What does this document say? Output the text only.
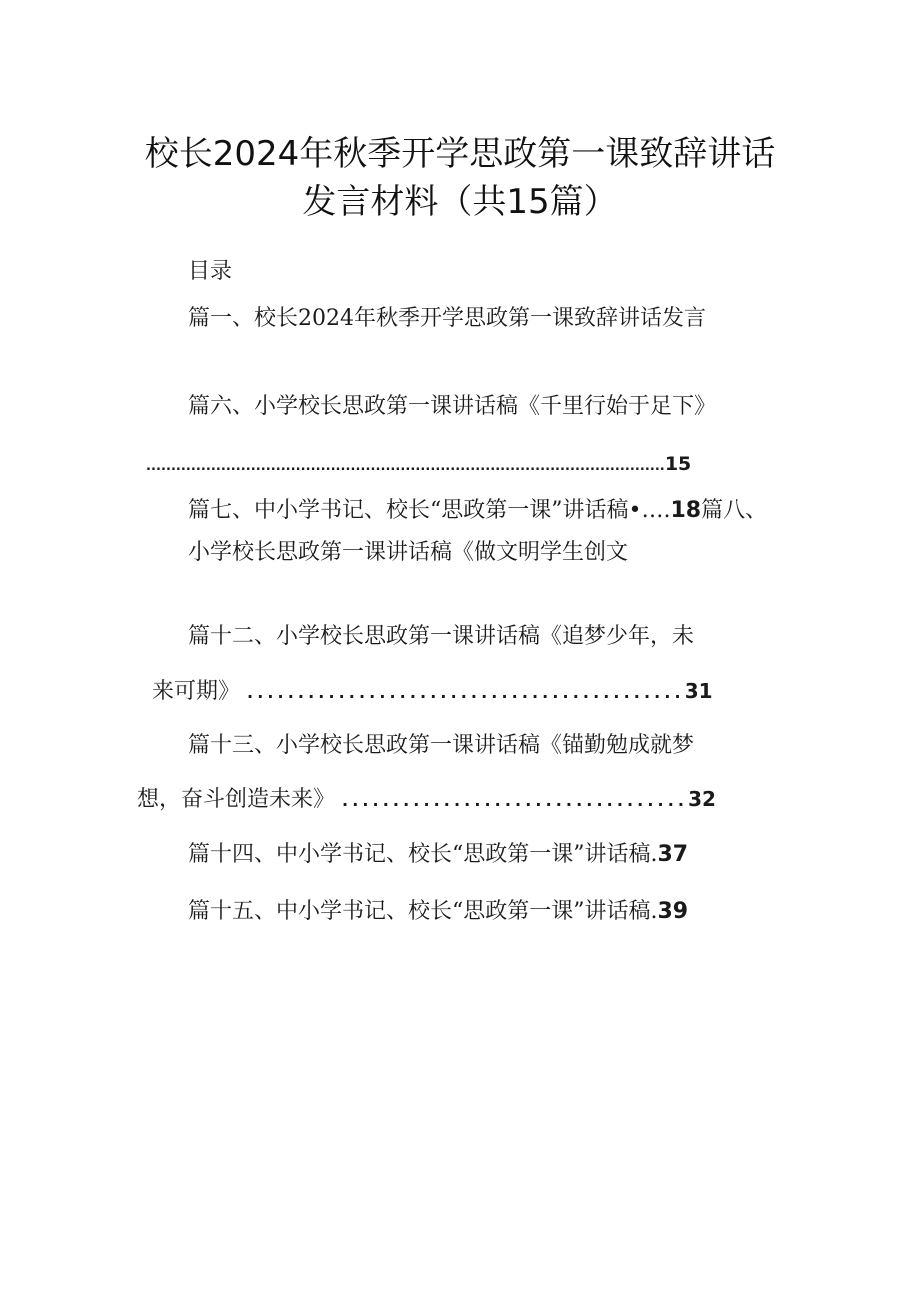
校长2024年秋季开学思政第一课致辞讲话
发言材料（共15篇）
目录
篇一、校长2024年秋季开学思政第一课致辞讲话发言
篇六、小学校长思政第一课讲话稿《千里行始于足下》
........................................................................................................15
篇七、中小学书记、校长“思政第一课”讲话稿•….18篇八、
小学校长思政第一课讲话稿《做文明学生创文
篇十二、小学校长思政第一课讲话稿《追梦少年，未
来可期》 ...........................................31
篇十三、小学校长思政第一课讲话稿《锚勤勉成就梦
想，奋斗创造未来》 ..................................32
篇十四、中小学书记、校长“思政第一课”讲话稿.37
篇十五、中小学书记、校长“思政第一课”讲话稿.39
